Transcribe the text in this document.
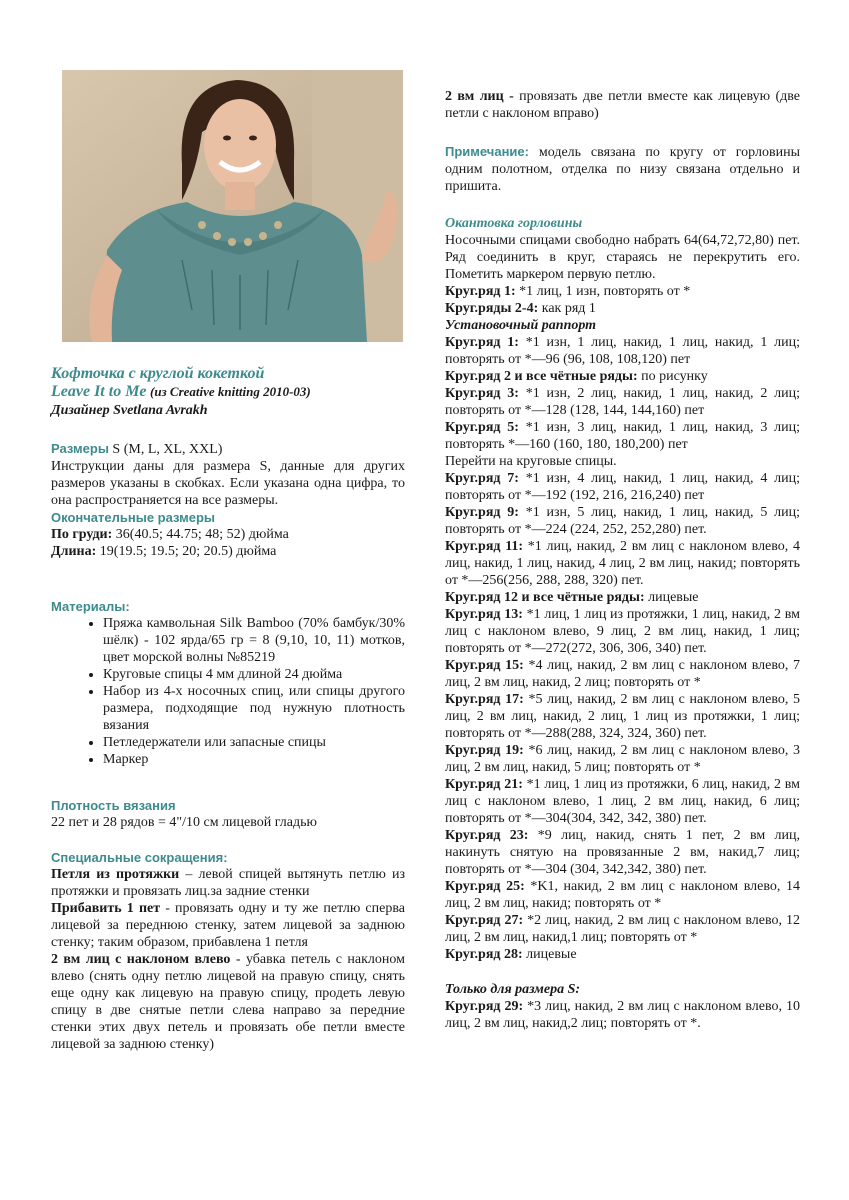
Кофточка с круглой кокеткой
Leave It to Me (из Creative knitting 2010-03)
Дизайнер Svetlana Avrakh

Размеры S (M, L, XL, XXL)

Инструкции даны для размера S, данные для других размеров указаны в скобках. Если указана одна цифра, то она распространяется на все размеры.

Окончательные размеры

По груди: 36(40.5; 44.75; 48; 52) дюйма

Длина: 19(19.5; 19.5; 20; 20.5) дюйма

Материалы:

• Пряжа камвольная Silk Bamboo (70% бамбук/30% шёлк) - 102 ярда/65 гр = 8 (9,10, 10, 11) мотков, цвет морской волны №85219
• Круговые спицы 4 мм длиной 24 дюйма
• Набор из 4-х носочных спиц, или спицы другого размера, подходящие под нужную плотность вязания
• Петледержатели или запасные спицы
• Маркер

Плотность вязания

22 пет и 28 рядов = 4"/10 см лицевой гладью

Специальные сокращения:

Петля из протяжки – левой спицей вытянуть петлю из протяжки и провязать лиц.за задние стенки

Прибавить 1 пет - провязать одну и ту же петлю сперва лицевой за переднюю стенку, затем лицевой за заднюю стенку; таким образом, прибавлена 1 петля

2 вм лиц с наклоном влево - убавка петель с наклоном влево (снять одну петлю лицевой на правую спицу, снять еще одну как лицевую на правую спицу, продеть левую спицу в две снятые петли слева направо за передние стенки этих двух петель и провязать обе петли вместе лицевой за заднюю стенку)

2 вм лиц - провязать две петли вместе как лицевую (две петли с наклоном вправо)

Примечание: модель связана по кругу от горловины одним полотном, отделка по низу связана отдельно и пришита.

Окантовка горловины

Носочными спицами свободно набрать 64(64,72,72,80) пет. Ряд соединить в круг, стараясь не перекрутить его. Пометить маркером первую петлю.

Круг.ряд 1: *1 лиц, 1 изн, повторять от *

Круг.ряды 2-4: как ряд 1

Установочный раппорт

Круг.ряд 1: *1 изн, 1 лиц, накид, 1 лиц, накид, 1 лиц; повторять от *—96 (96, 108, 108,120) пет

Круг.ряд 2 и все чётные ряды: по рисунку

Круг.ряд 3: *1 изн, 2 лиц, накид, 1 лиц, накид, 2 лиц; повторять от *—128 (128, 144, 144,160) пет

Круг.ряд 5: *1 изн, 3 лиц, накид, 1 лиц, накид, 3 лиц; повторять *—160 (160, 180, 180,200) пет

Перейти на круговые спицы.

Круг.ряд 7: *1 изн, 4 лиц, накид, 1 лиц, накид, 4 лиц; повторять от *—192 (192, 216, 216,240) пет

Круг.ряд 9: *1 изн, 5 лиц, накид, 1 лиц, накид, 5 лиц; повторять от *—224 (224, 252, 252,280) пет.

Круг.ряд 11: *1 лиц, накид, 2 вм лиц с наклоном влево, 4 лиц, накид, 1 лиц, накид, 4 лиц, 2 вм лиц, накид; повторять от *—256(256, 288, 288, 320) пет.

Круг.ряд 12 и все чётные ряды: лицевые

Круг.ряд 13: *1 лиц, 1 лиц из протяжки, 1 лиц, накид, 2 вм лиц с наклоном влево, 9 лиц, 2 вм лиц, накид, 1 лиц; повторять от *—272(272, 306, 306, 340) пет.

Круг.ряд 15: *4 лиц, накид, 2 вм лиц с наклоном влево, 7 лиц, 2 вм лиц, накид, 2 лиц; повторять от *

Круг.ряд 17: *5 лиц, накид, 2 вм лиц с наклоном влево, 5 лиц, 2 вм лиц, накид, 2 лиц, 1 лиц из протяжки, 1 лиц; повторять от *—288(288, 324, 324, 360) пет.

Круг.ряд 19: *6 лиц, накид, 2 вм лиц с наклоном влево, 3 лиц, 2 вм лиц, накид, 5 лиц; повторять от *

Круг.ряд 21: *1 лиц, 1 лиц из протяжки, 6 лиц, накид, 2 вм лиц с наклоном влево, 1 лиц, 2 вм лиц, накид, 6 лиц; повторять от *—304(304, 342, 342, 380) пет.

Круг.ряд 23: *9 лиц, накид, снять 1 пет, 2 вм лиц, накинуть снятую на провязанные 2 вм, накид,7 лиц; повторять от *—304 (304, 342,342, 380) пет.

Круг.ряд 25: *K1, накид, 2 вм лиц с наклоном влево, 14 лиц, 2 вм лиц, накид; повторять от *

Круг.ряд 27: *2 лиц, накид, 2 вм лиц с наклоном влево, 12 лиц, 2 вм лиц, накид,1 лиц; повторять от *

Круг.ряд 28: лицевые

Только для размера S:

Круг.ряд 29: *3 лиц, накид, 2 вм лиц с наклоном влево, 10 лиц, 2 вм лиц, накид,2 лиц; повторять от *.
